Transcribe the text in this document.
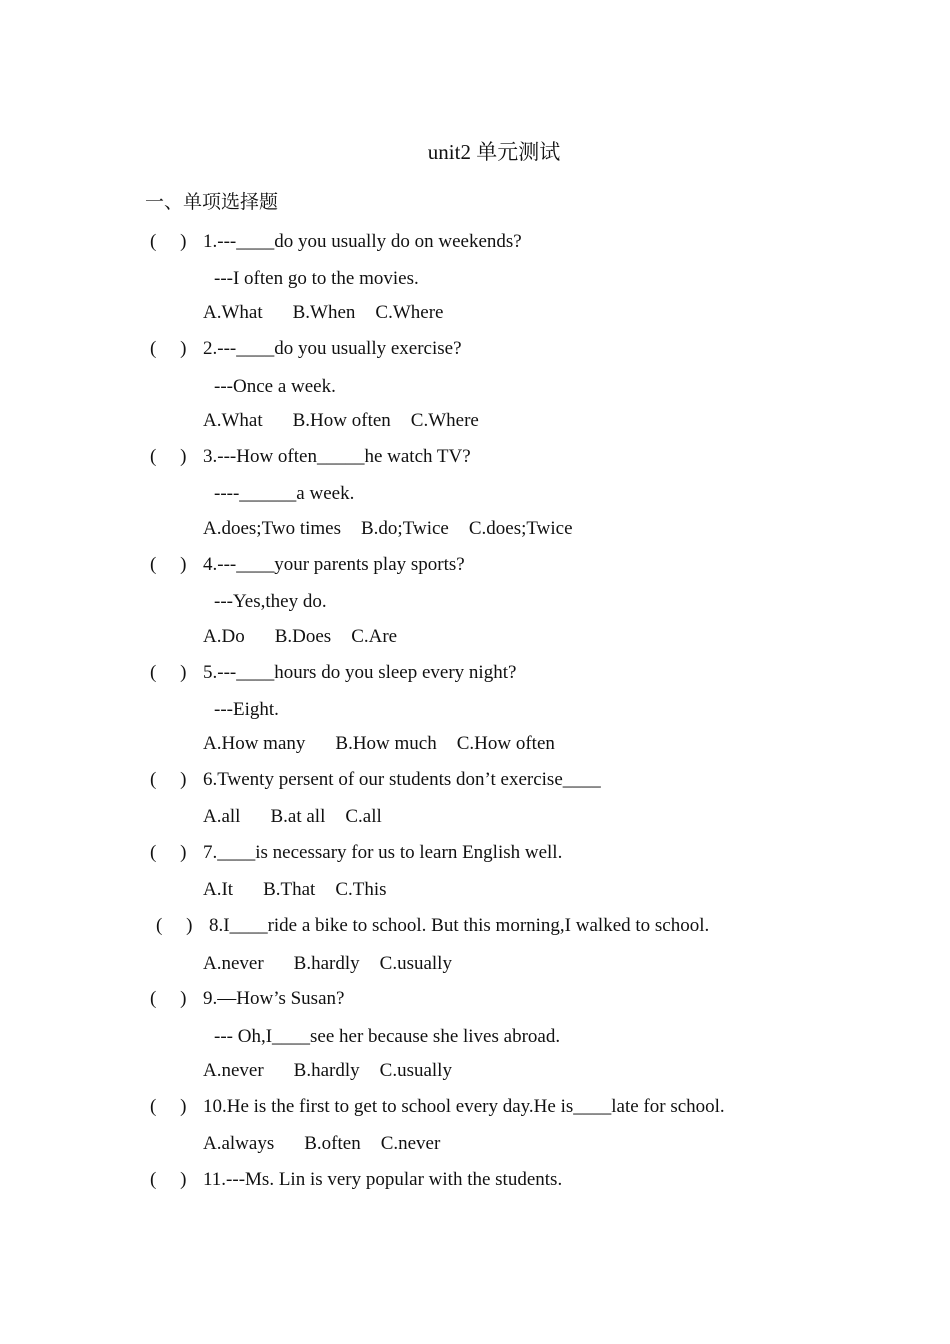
unit2 单元测试
一、单项选择题
(     ) 1.---____do you usually do on weekends?
---I often go to the movies.
A.What B.When C.Where
(     ) 2.---____do you usually exercise?
---Once a week.
A.What B.How often C.Where
(     ) 3.---How often_____he watch TV?
----______a week.
A.does;Two times B.do;Twice C.does;Twice
(     ) 4.---____your parents play sports?
---Yes,they do.
A.Do B.Does C.Are
(     ) 5.---____hours do you sleep every night?
---Eight.
A.How many B.How much C.How often
(     ) 6.Twenty persent of our students don’t exercise____
A.all B.at all C.all
(     ) 7.____is necessary for us to learn English well.
A.It B.That C.This
(     ) 8.I____ride a bike to school. But this morning,I walked to school.
A.never B.hardly C.usually
(     ) 9.—How’s Susan?
--- Oh,I____see her because she lives abroad.
A.never B.hardly C.usually
(     ) 10.He is the first to get to school every day.He is____late for school.
A.always B.often C.never
(     ) 11.---Ms. Lin is very popular with the students.
